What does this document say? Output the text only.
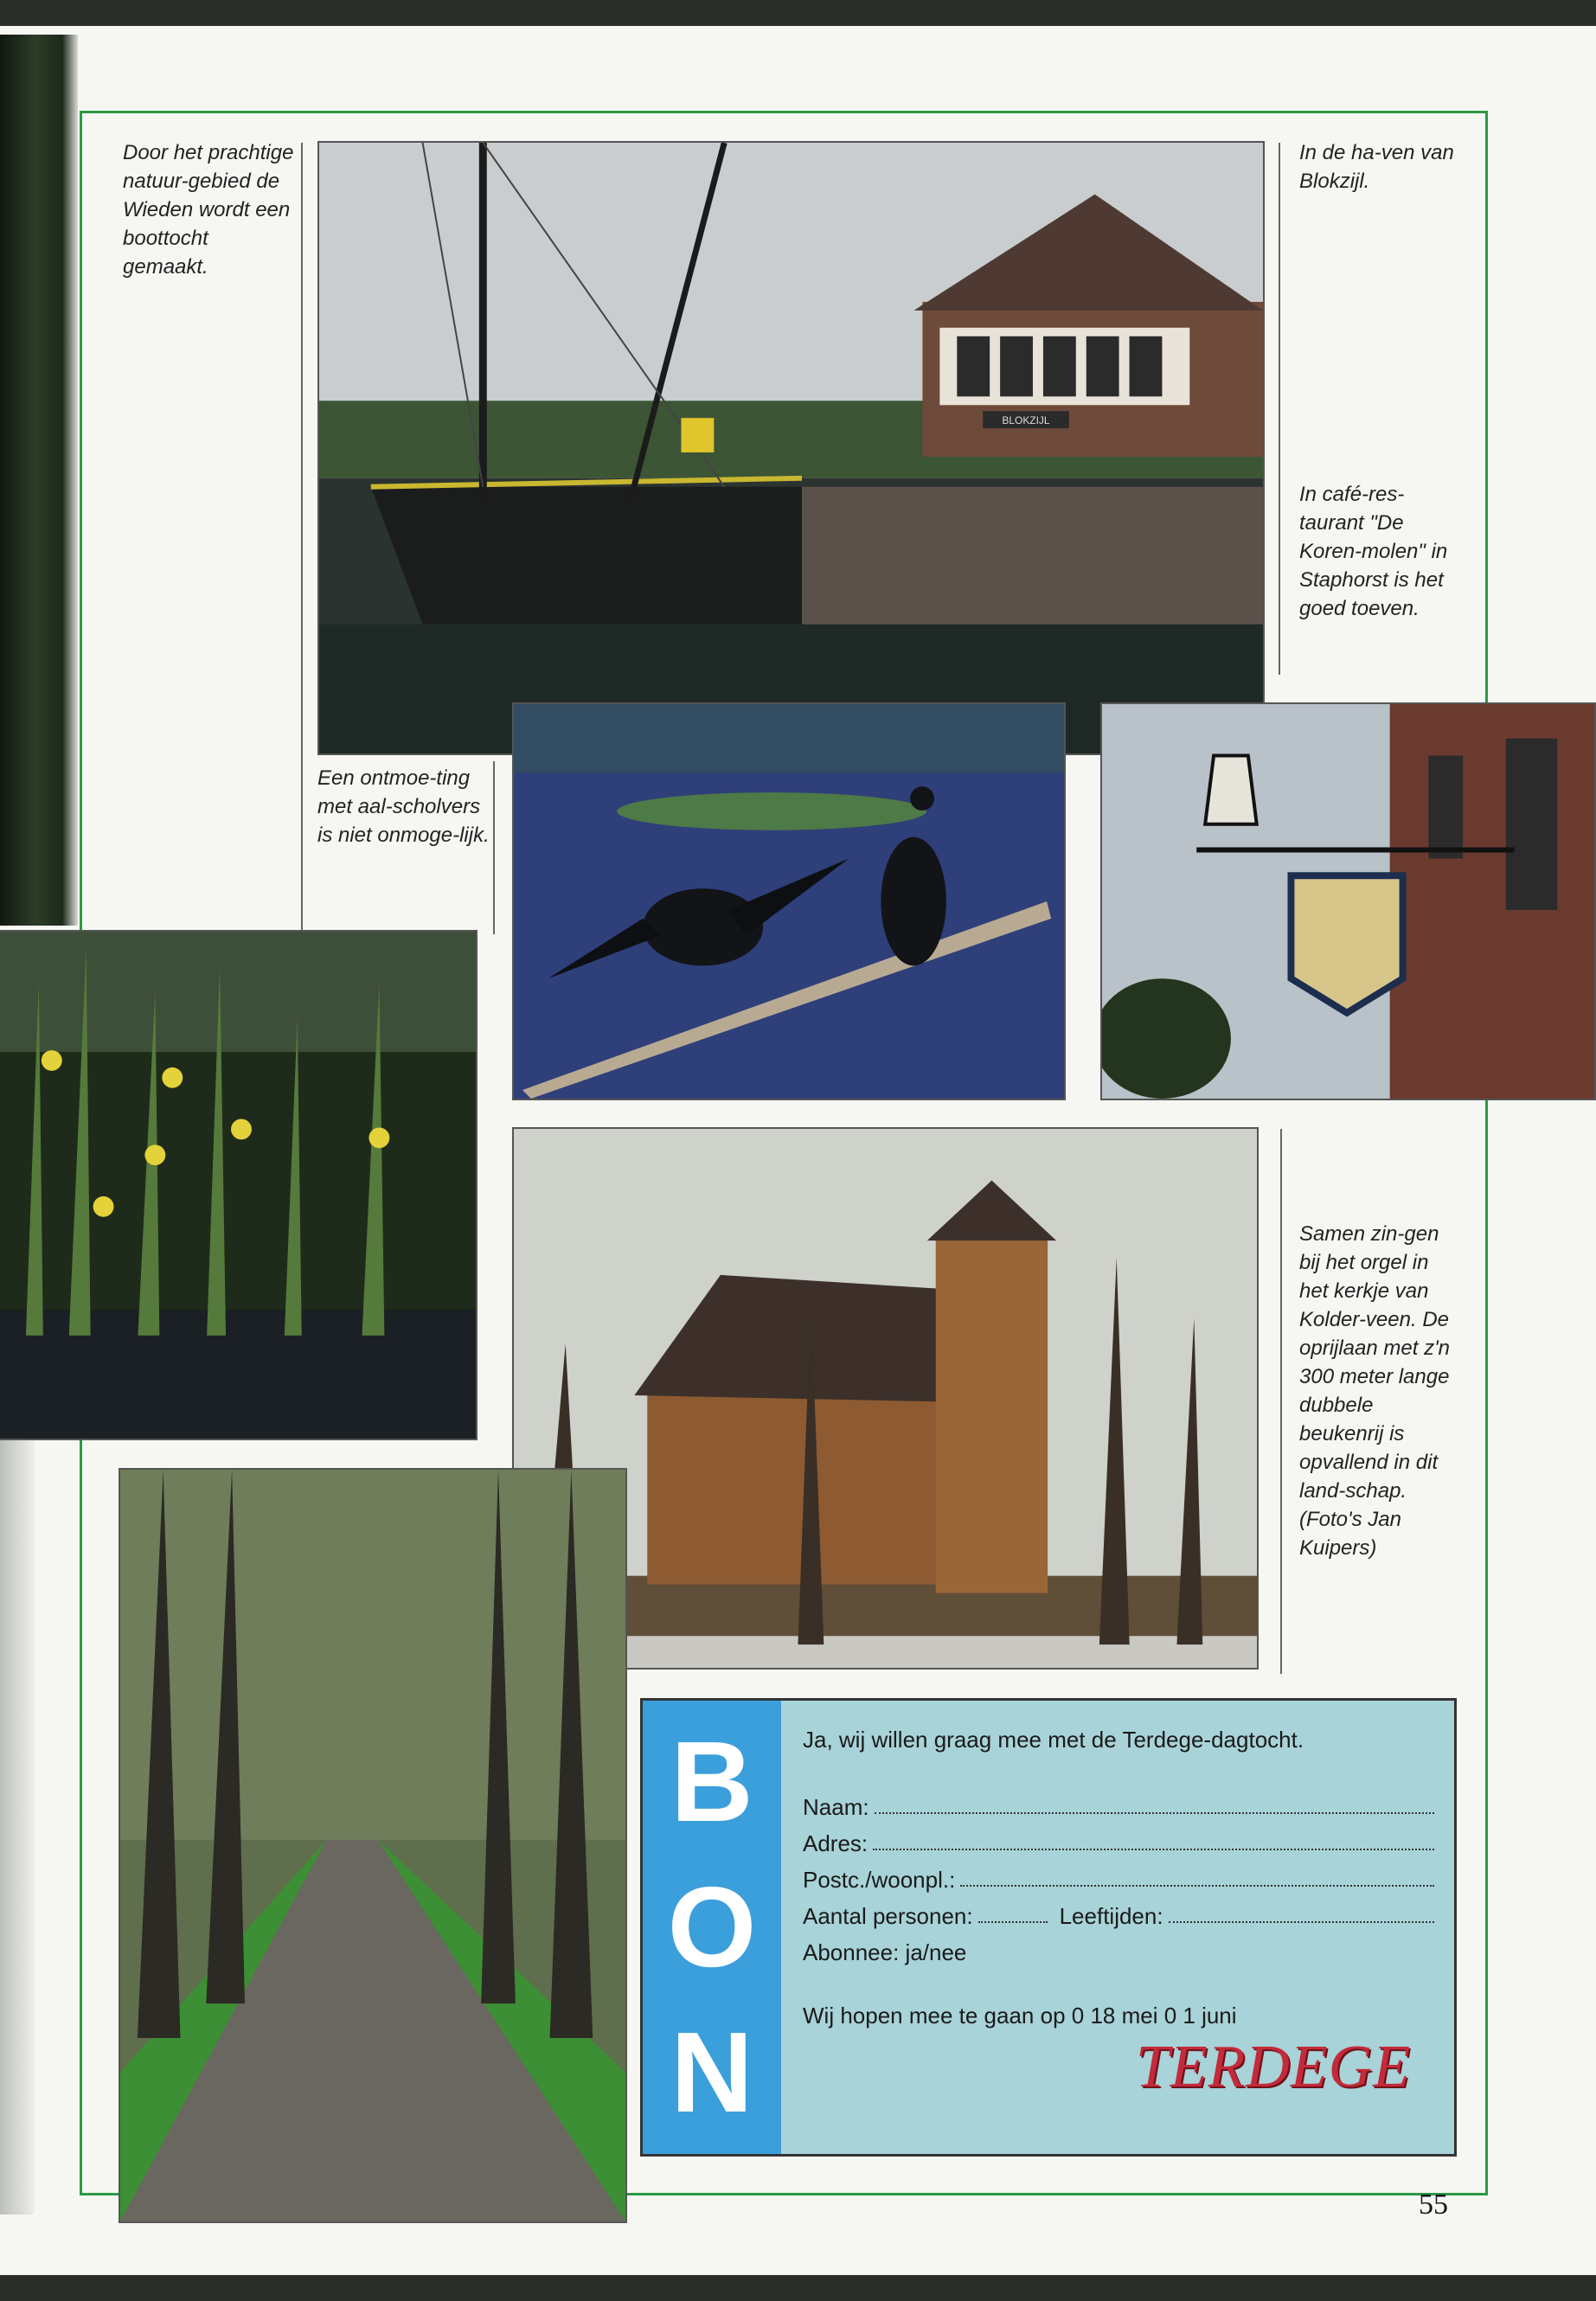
Door het prachtige natuur-gebied de Wieden wordt een boottocht gemaakt.

In de ha-ven van Blokzijl.

In café-res-taurant "De Koren-molen" in Staphorst is het goed toeven.

Een ontmoe-ting met aal-scholvers is niet onmoge-lijk.

Samen zin-gen bij het orgel in het kerkje van Kolder-veen. De oprijlaan met z'n 300 meter lange dubbele beukenrij is opvallend in dit land-schap. (Foto's Jan Kuipers)

BLOKZIJL
B
O
N

Ja, wij willen graag mee met de Terdege-dagtocht.

Naam:
Adres:
Postc./woonpl.:
Aantal personen:	Leeftijden:
Abonnee: ja/nee

Wij hopen mee te gaan op 0 18 mei 0 1 juni

TERDEGE
55
